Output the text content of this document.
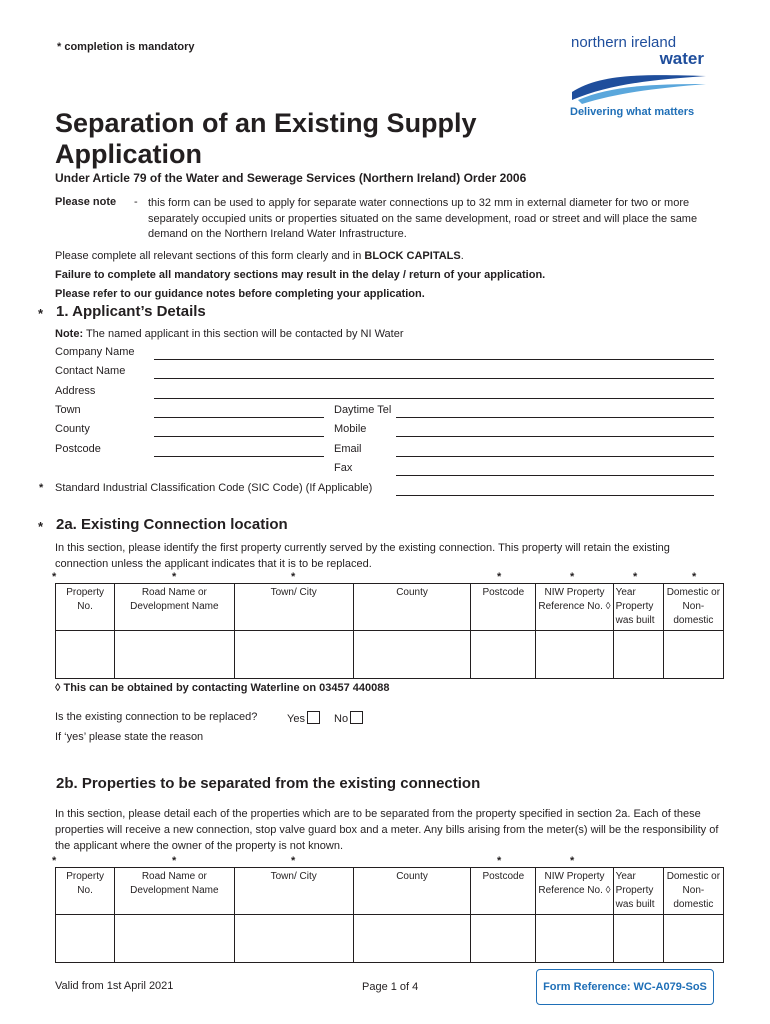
* completion is mandatory	northern ireland
water
Delivering what matters
Separation of an Existing Supply Application
Under Article 79 of the Water and Sewerage Services (Northern Ireland) Order 2006
Please note - this form can be used to apply for separate water connections up to 32 mm in external diameter for two or more separately occupied units or properties situated on the same development, road or street and will place the same demand on the Northern Ireland Water Infrastructure.
Please complete all relevant sections of this form clearly and in BLOCK CAPITALS.
Failure to complete all mandatory sections may result in the delay / return of your application.
Please refer to our guidance notes before completing your application.
* 1. Applicant’s Details
Note: The named applicant in this section will be contacted by NI Water
Company Name
Contact Name
Address
Town
County
Postcode
Daytime Tel
Mobile
Email
Fax
* Standard Industrial Classification Code (SIC Code) (If Applicable)
* 2a. Existing Connection location
In this section, please identify the first property currently served by the existing connection. This property will retain the existing connection unless the applicant indicates that it is to be replaced.
*	*	*	*	*	*	*
Property No.	Road Name or Development Name	Town/ City	County	Postcode	NIW Property Reference No. ◊	Year Property was built	Domestic or Non-domestic

◊ This can be obtained by contacting Waterline on 03457 440088
Is the existing connection to be replaced?	Yes	No
If ‘yes’ please state the reason
2b. Properties to be separated from the existing connection
In this section, please detail each of the properties which are to be separated from the property specified in section 2a. Each of these properties will receive a new connection, stop valve guard box and a meter. Any bills arising from the meter(s) will be the responsibility of the applicant where the owner of the property is not known.
*	*	*	*	*
Property No.	Road Name or Development Name	Town/ City	County	Postcode	NIW Property Reference No. ◊	Year Property was built	Domestic or Non-domestic

Valid from 1st April 2021	Page 1 of 4	Form Reference: WC-A079-SoS
